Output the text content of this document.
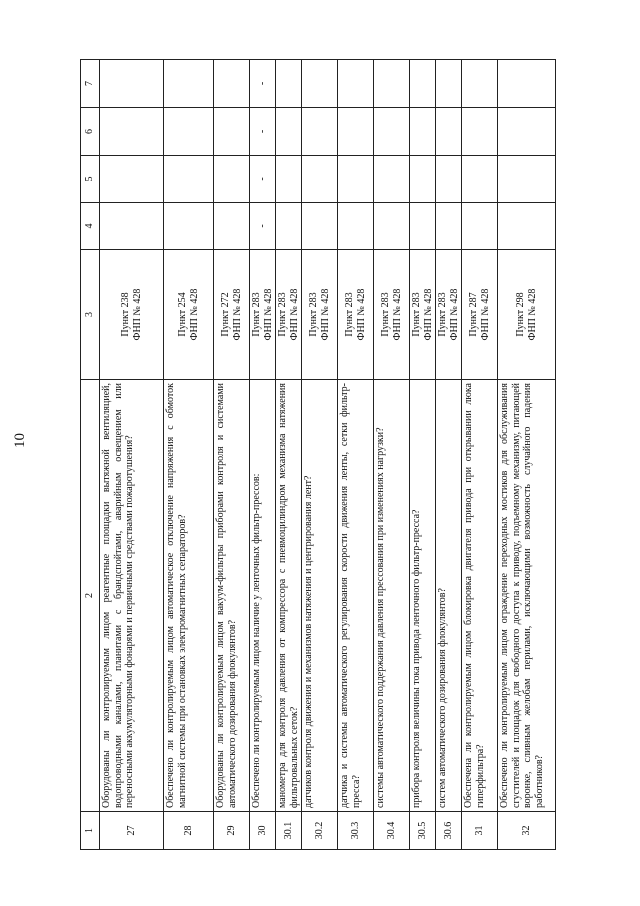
10
1	2	3	4	5	6	7
27	Оборудованы ли контролируемым лицом реагентные площадки вытяжной вентиляцией, водопроводными каналами, планитами с брандспойтами, аварийным освещением или переносными аккумуляторными фонарями и первичными средствами пожаротушения?	Пункт 238
ФНП № 428				
28	Обеспечено ли контролируемым лицом автоматическое отключение напряжения с обмоток магнитной системы при остановках электромагнитных сепараторов?	Пункт 254
ФНП № 428				
29	Оборудованы ли контролируемым лицом вакуум-фильтры приборами контроля и системами автоматического дозирования флокулянтов?	Пункт 272
ФНП № 428				
30	Обеспечено ли контролируемым лицом наличие у ленточных фильтр-прессов:	Пункт 283
ФНП № 428	-	-	-	-
30.1	манометра для контроля давления от компрессора с пневмоцилиндром механизма натяжения фильтровальных сеток?	Пункт 283
ФНП № 428				
30.2	датчиков контроля движения и механизмов натяжения и центрирования лент?	Пункт 283
ФНП № 428				
30.3	датчика и системы автоматического регулирования скорости движения ленты, сетки фильтр-пресса?	Пункт 283
ФНП № 428				
30.4	системы автоматического поддержания давления прессования при изменениях нагрузки?	Пункт 283
ФНП № 428				
30.5	прибора контроля величины тока привода ленточного фильтр-пресса?	Пункт 283
ФНП № 428				
30.6	систем автоматического дозирования флокулянтов?	Пункт 283
ФНП № 428				
31	Обеспечена ли контролируемым лицом блокировка двигателя привода при открывании люка гиперфильтра?	Пункт 287
ФНП № 428				
32	Обеспечено ли контролируемым лицом ограждение переходных мостиков для обслуживания сгустителей и площадок для свободного доступа к приводу, подъемному механизму, питающей воронке, сливным желобам перилами, исключающими возможность случайного падения работников?	Пункт 298
ФНП № 428				
